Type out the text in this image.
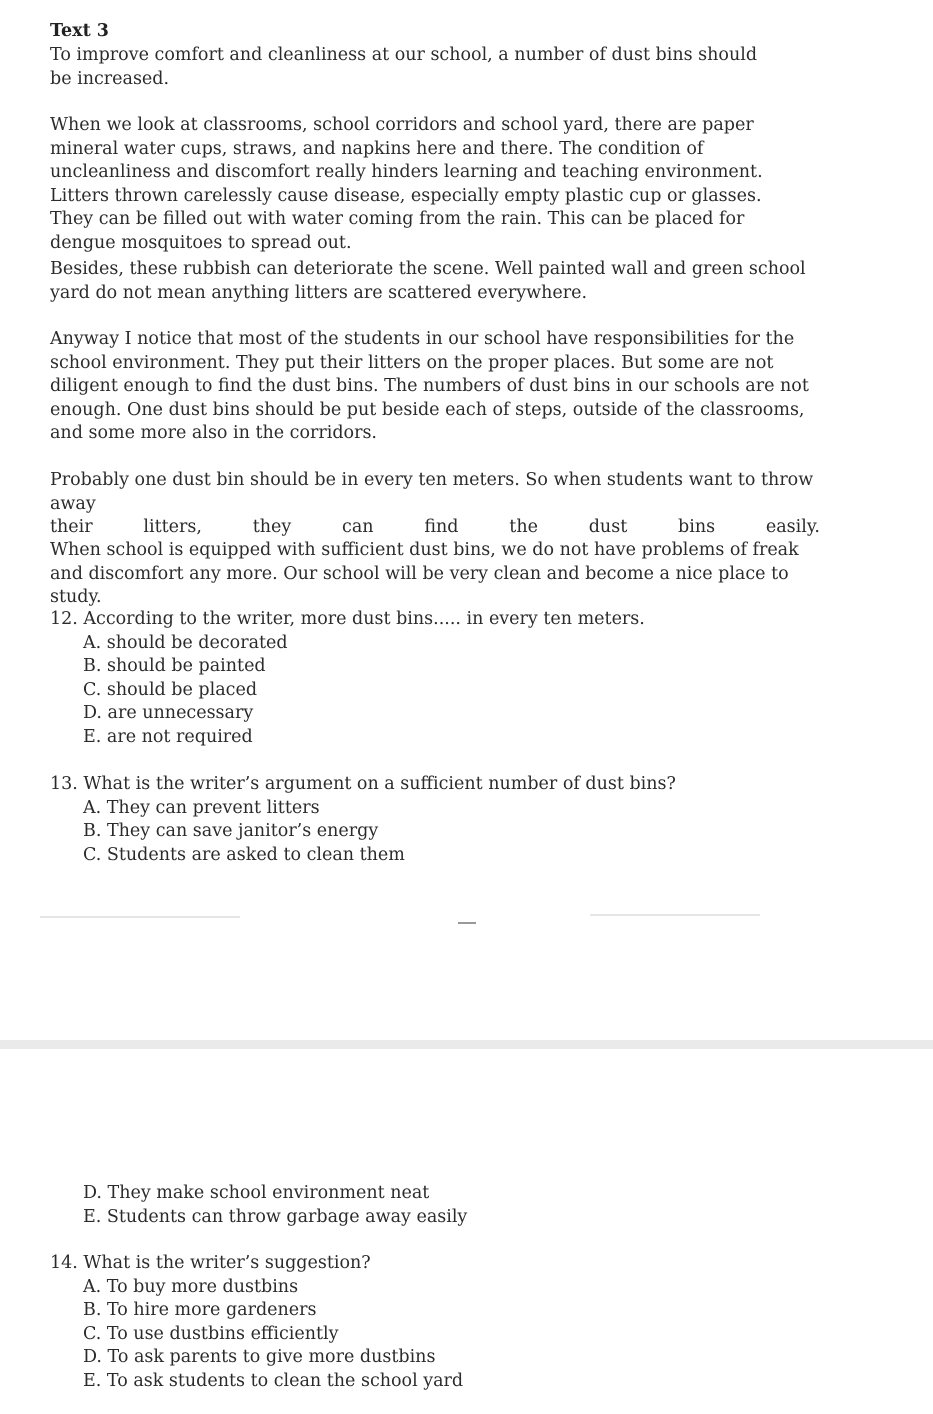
Text 3

To improve comfort and cleanliness at our school, a number of dust bins should be increased.

When we look at classrooms, school corridors and school yard, there are paper mineral water cups, straws, and napkins here and there. The condition of uncleanliness and discomfort really hinders learning and teaching environment. Litters thrown carelessly cause disease, especially empty plastic cup or glasses. They can be filled out with water coming from the rain. This can be placed for dengue mosquitoes to spread out.

Besides, these rubbish can deteriorate the scene. Well painted wall and green school yard do not mean anything litters are scattered everywhere.

Anyway I notice that most of the students in our school have responsibilities for the school environment. They put their litters on the proper places. But some are not diligent enough to find the dust bins. The numbers of dust bins in our schools are not enough. One dust bins should be put beside each of steps, outside of the classrooms, and some more also in the corridors.

Probably one dust bin should be in every ten meters. So when students want to throw away
their	litters,	they	can	find	the	dust	bins	easily.

When school is equipped with sufficient dust bins, we do not have problems of freak and discomfort any more. Our school will be very clean and become a nice place to study.

12. According to the writer, more dust bins..... in every ten meters.
A. should be decorated
B. should be painted
C. should be placed
D. are unnecessary
E. are not required
13. What is the writer’s argument on a sufficient number of dust bins?
A. They can prevent litters
B. They can save janitor’s energy
C. Students are asked to clean them
D. They make school environment neat
E. Students can throw garbage away easily
14. What is the writer’s suggestion?
A. To buy more dustbins
B. To hire more gardeners
C. To use dustbins efficiently
D. To ask parents to give more dustbins
E. To ask students to clean the school yard
